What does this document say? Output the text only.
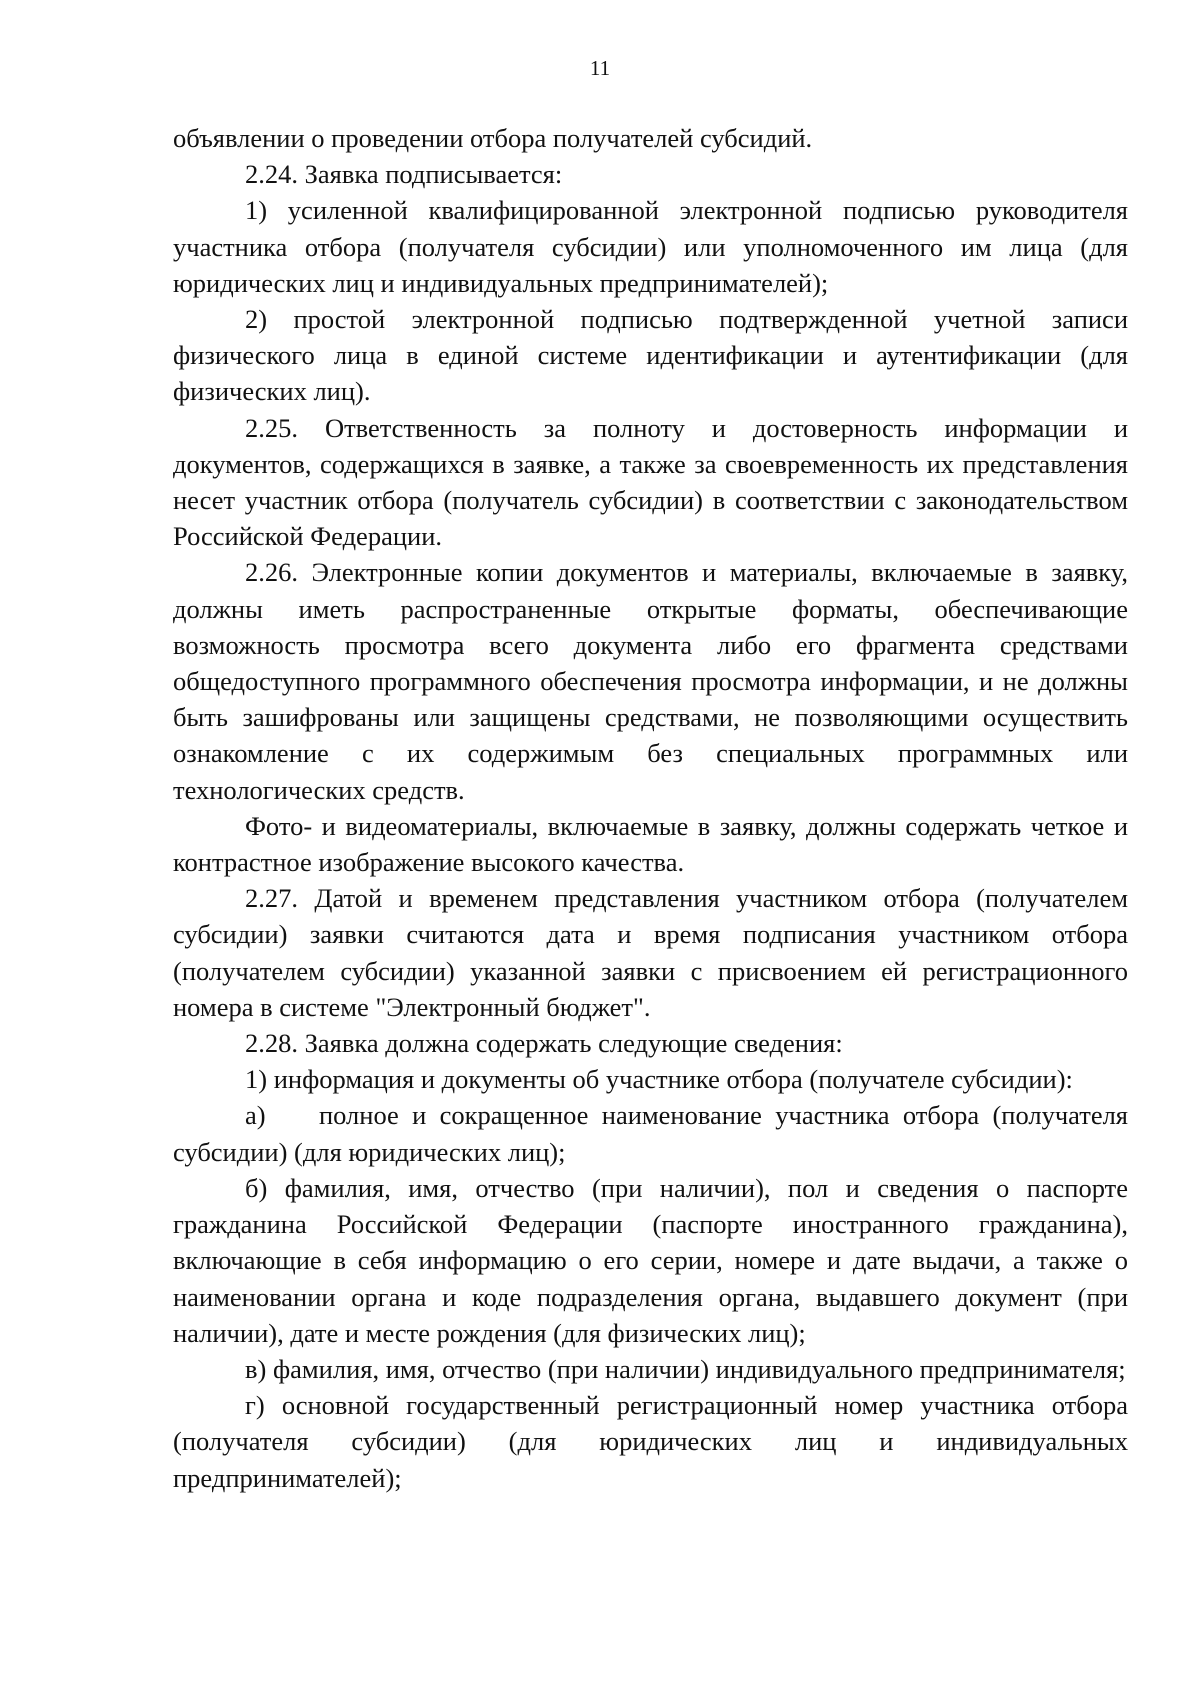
11

объявлении о проведении отбора получателей субсидий.

2.24. Заявка подписывается:

1) усиленной квалифицированной электронной подписью руководителя участника отбора (получателя субсидии) или уполномоченного им лица (для юридических лиц и индивидуальных предпринимателей);

2) простой электронной подписью подтвержденной учетной записи физического лица в единой системе идентификации и аутентификации (для физических лиц).

2.25. Ответственность за полноту и достоверность информации и документов, содержащихся в заявке, а также за своевременность их представления несет участник отбора (получатель субсидии) в соответствии с законодательством Российской Федерации.

2.26. Электронные копии документов и материалы, включаемые в заявку, должны иметь распространенные открытые форматы, обеспечивающие возможность просмотра всего документа либо его фрагмента средствами общедоступного программного обеспечения просмотра информации, и не должны быть зашифрованы или защищены средствами, не позволяющими осуществить ознакомление с их содержимым без специальных программных или технологических средств.

Фото- и видеоматериалы, включаемые в заявку, должны содержать четкое и контрастное изображение высокого качества.

2.27. Датой и временем представления участником отбора (получателем субсидии) заявки считаются дата и время подписания участником отбора (получателем субсидии) указанной заявки с присвоением ей регистрационного номера в системе "Электронный бюджет".

2.28. Заявка должна содержать следующие сведения:

1) информация и документы об участнике отбора (получателе субсидии):

а)    полное и сокращенное наименование участника отбора (получателя субсидии) (для юридических лиц);

б) фамилия, имя, отчество (при наличии), пол и сведения о паспорте гражданина Российской Федерации (паспорте иностранного гражданина), включающие в себя информацию о его серии, номере и дате выдачи, а также о наименовании органа и коде подразделения органа, выдавшего документ (при наличии), дате и месте рождения (для физических лиц);

в) фамилия, имя, отчество (при наличии) индивидуального предпринимателя;

г) основной государственный регистрационный номер участника отбора (получателя субсидии) (для юридических лиц и индивидуальных предпринимателей);
